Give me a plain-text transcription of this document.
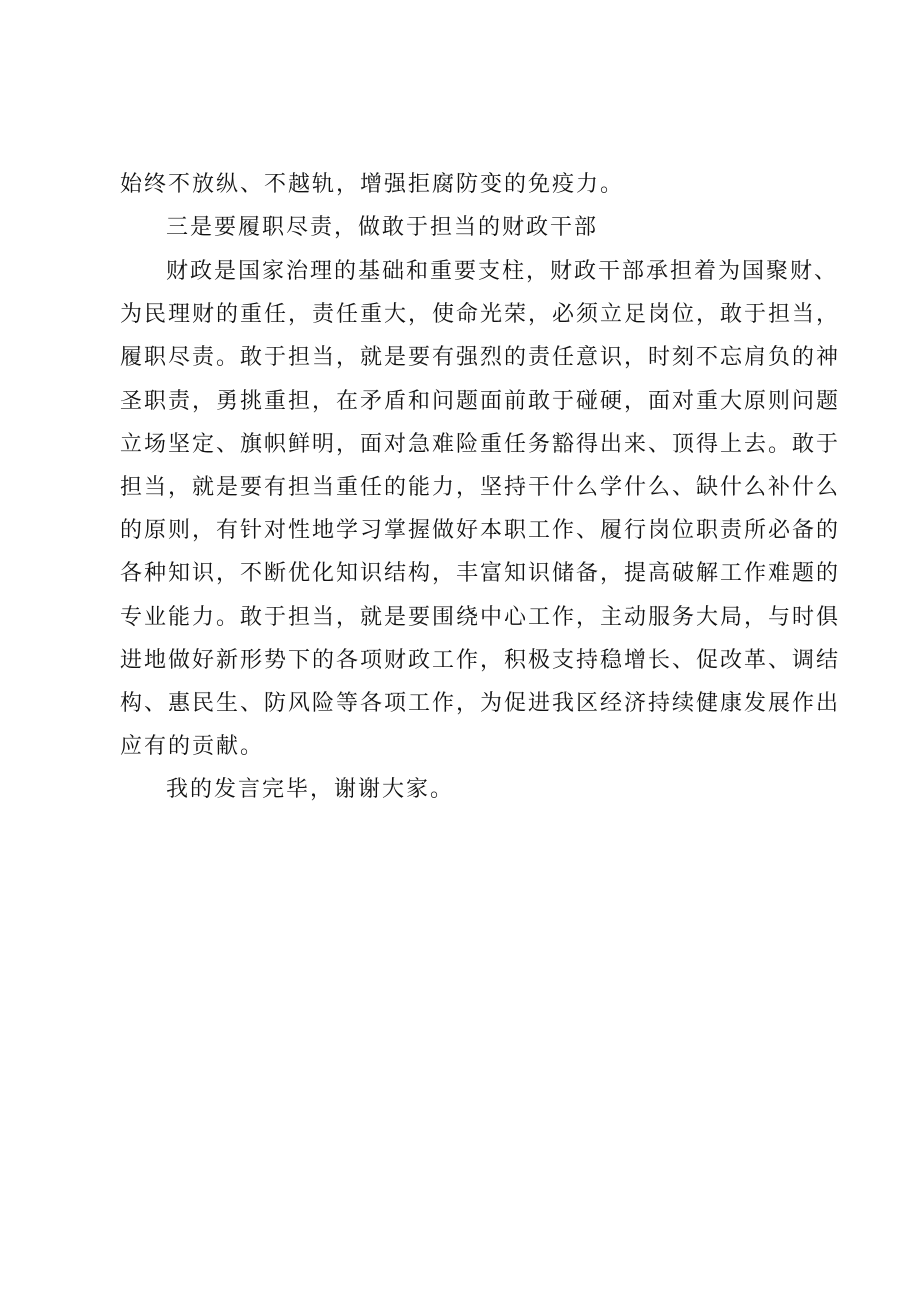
始终不放纵、不越轨，增强拒腐防变的免疫力。
三是要履职尽责，做敢于担当的财政干部
财政是国家治理的基础和重要支柱，财政干部承担着为国聚财、
为民理财的重任，责任重大，使命光荣，必须立足岗位，敢于担当，
履职尽责。敢于担当，就是要有强烈的责任意识，时刻不忘肩负的神
圣职责，勇挑重担，在矛盾和问题面前敢于碰硬，面对重大原则问题
立场坚定、旗帜鲜明，面对急难险重任务豁得出来、顶得上去。敢于
担当，就是要有担当重任的能力，坚持干什么学什么、缺什么补什么
的原则，有针对性地学习掌握做好本职工作、履行岗位职责所必备的
各种知识，不断优化知识结构，丰富知识储备，提高破解工作难题的
专业能力。敢于担当，就是要围绕中心工作，主动服务大局，与时俱
进地做好新形势下的各项财政工作，积极支持稳增长、促改革、调结
构、惠民生、防风险等各项工作，为促进我区经济持续健康发展作出
应有的贡献。
我的发言完毕，谢谢大家。
